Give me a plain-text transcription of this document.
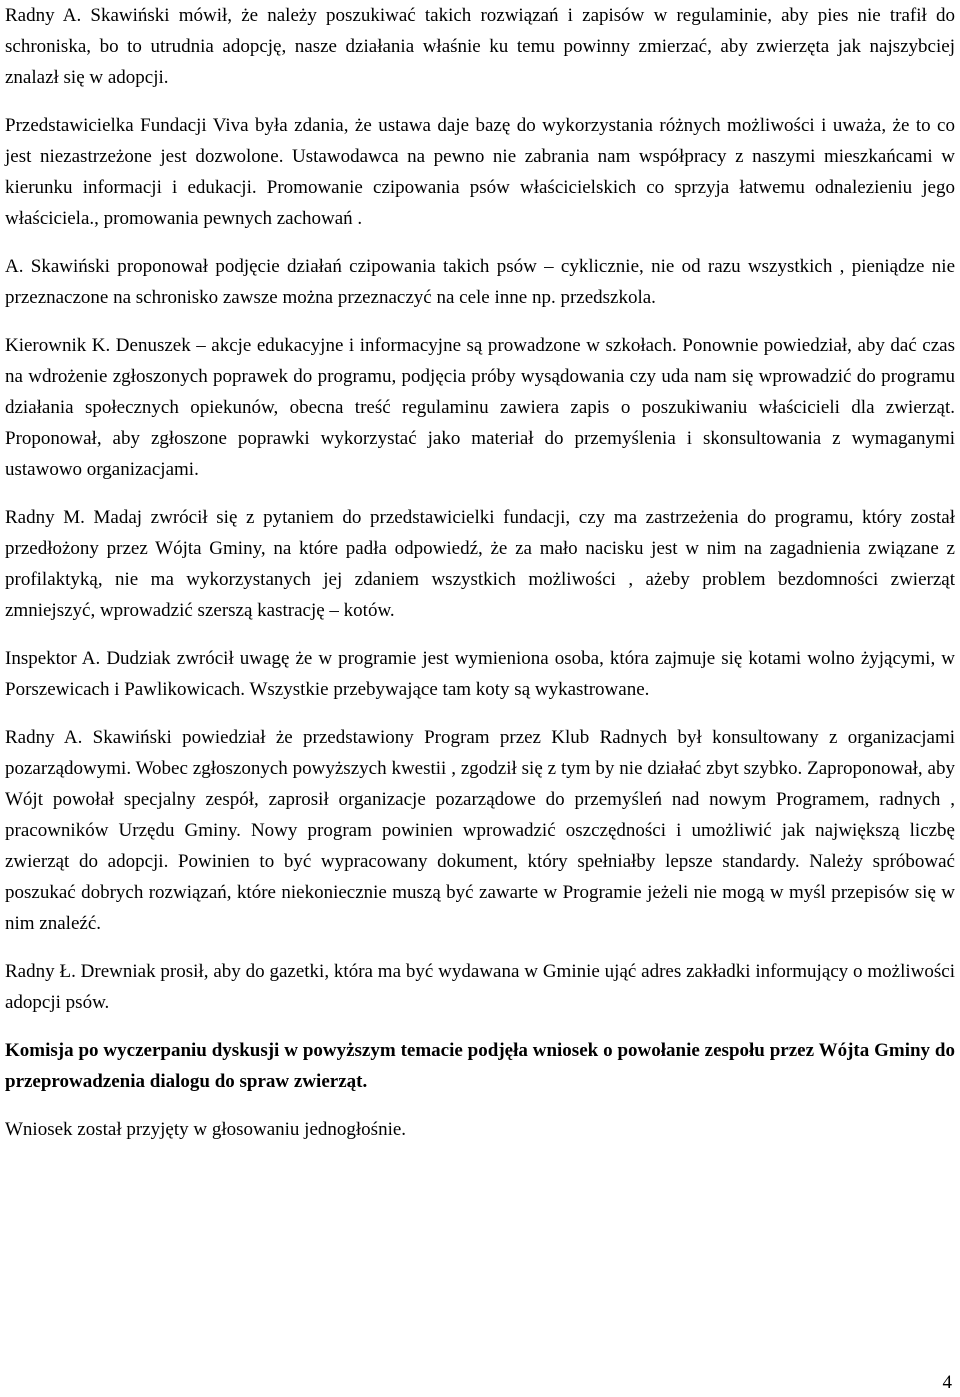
Radny A. Skawiński mówił, że należy poszukiwać takich rozwiązań i zapisów w regulaminie, aby pies nie trafił do schroniska, bo to utrudnia adopcję, nasze działania właśnie ku temu powinny zmierzać, aby zwierzęta jak najszybciej znalazł się w adopcji.

Przedstawicielka Fundacji Viva była zdania, że ustawa daje bazę do wykorzystania różnych możliwości i uważa, że to co jest niezastrzeżone jest dozwolone. Ustawodawca na pewno nie zabrania nam współpracy z naszymi mieszkańcami w kierunku informacji i edukacji. Promowanie czipowania psów właścicielskich co sprzyja łatwemu odnalezieniu jego właściciela., promowania pewnych zachowań .

A. Skawiński proponował podjęcie działań czipowania takich psów – cyklicznie, nie od razu wszystkich , pieniądze nie przeznaczone na schronisko zawsze można przeznaczyć na cele inne np. przedszkola.

Kierownik K. Denuszek – akcje edukacyjne i informacyjne są prowadzone w szkołach. Ponownie powiedział, aby dać czas na wdrożenie zgłoszonych poprawek do programu, podjęcia próby wysądowania czy uda nam się wprowadzić do programu działania społecznych opiekunów, obecna treść regulaminu zawiera zapis o poszukiwaniu właścicieli dla zwierząt. Proponował, aby zgłoszone poprawki wykorzystać jako materiał do przemyślenia i skonsultowania z wymaganymi ustawowo organizacjami.

Radny M. Madaj zwrócił się z pytaniem do przedstawicielki fundacji, czy ma zastrzeżenia do programu, który został przedłożony przez Wójta Gminy, na które padła odpowiedź, że za mało nacisku jest w nim na zagadnienia związane z profilaktyką, nie ma wykorzystanych jej zdaniem wszystkich możliwości , ażeby problem bezdomności zwierząt zmniejszyć, wprowadzić szerszą kastrację – kotów.

Inspektor A. Dudziak zwrócił uwagę że w programie jest wymieniona osoba, która zajmuje się kotami wolno żyjącymi, w Porszewicach i Pawlikowicach. Wszystkie przebywające tam koty są wykastrowane.

Radny A. Skawiński powiedział że przedstawiony Program przez Klub Radnych był konsultowany z organizacjami pozarządowymi. Wobec zgłoszonych powyższych kwestii , zgodził się z tym by nie działać zbyt szybko. Zaproponował, aby Wójt powołał specjalny zespół, zaprosił organizacje pozarządowe do przemyśleń nad nowym Programem, radnych , pracowników Urzędu Gminy. Nowy program powinien wprowadzić oszczędności i umożliwić jak największą liczbę zwierząt do adopcji. Powinien to być wypracowany dokument, który spełniałby lepsze standardy. Należy spróbować poszukać dobrych rozwiązań, które niekoniecznie muszą być zawarte w Programie jeżeli nie mogą w myśl przepisów się w nim znaleźć.

Radny Ł. Drewniak prosił, aby do gazetki, która ma być wydawana w Gminie ująć adres zakładki informujący o możliwości adopcji psów.

Komisja po wyczerpaniu dyskusji w powyższym temacie podjęła wniosek o powołanie zespołu przez Wójta Gminy do przeprowadzenia dialogu do spraw zwierząt.

Wniosek został przyjęty w głosowaniu jednogłośnie.

4
